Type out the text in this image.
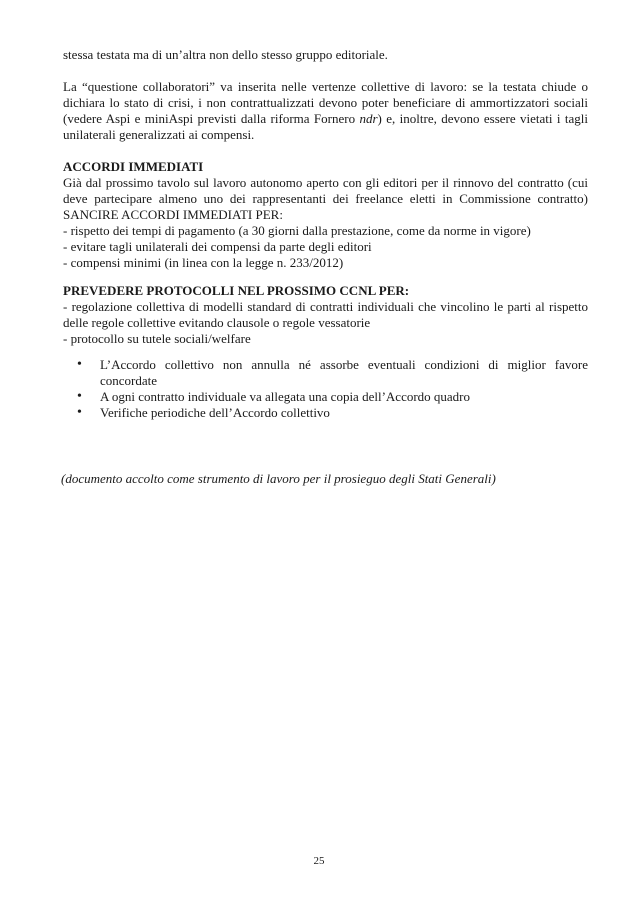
stessa testata ma di un’altra non dello stesso gruppo editoriale.
La “questione collaboratori” va inserita nelle vertenze collettive di lavoro: se la testata chiude o dichiara lo stato di crisi, i non contrattualizzati devono poter beneficiare di ammortizzatori sociali (vedere Aspi e miniAspi previsti dalla riforma Fornero ndr) e, inoltre, devono essere vietati i tagli unilaterali generalizzati ai compensi.
ACCORDI IMMEDIATI
Già dal prossimo tavolo sul lavoro autonomo aperto con gli editori per il rinnovo del contratto (cui deve partecipare almeno uno dei rappresentanti dei freelance eletti in Commissione contratto) SANCIRE ACCORDI IMMEDIATI PER:
- rispetto dei tempi di pagamento (a 30 giorni dalla prestazione, come da norme in vigore)
- evitare tagli unilaterali dei compensi da parte degli editori
- compensi minimi (in linea con la legge n. 233/2012)
PREVEDERE PROTOCOLLI NEL PROSSIMO CCNL PER:
- regolazione collettiva di modelli standard di contratti individuali che vincolino le parti al rispetto delle regole collettive evitando clausole o regole vessatorie
- protocollo su tutele sociali/welfare
• L’Accordo collettivo non annulla né assorbe eventuali condizioni di miglior favore concordate
• A ogni contratto individuale va allegata una copia dell’Accordo quadro
• Verifiche periodiche dell’Accordo collettivo
(documento accolto come strumento di lavoro per il prosieguo degli Stati Generali)
25
